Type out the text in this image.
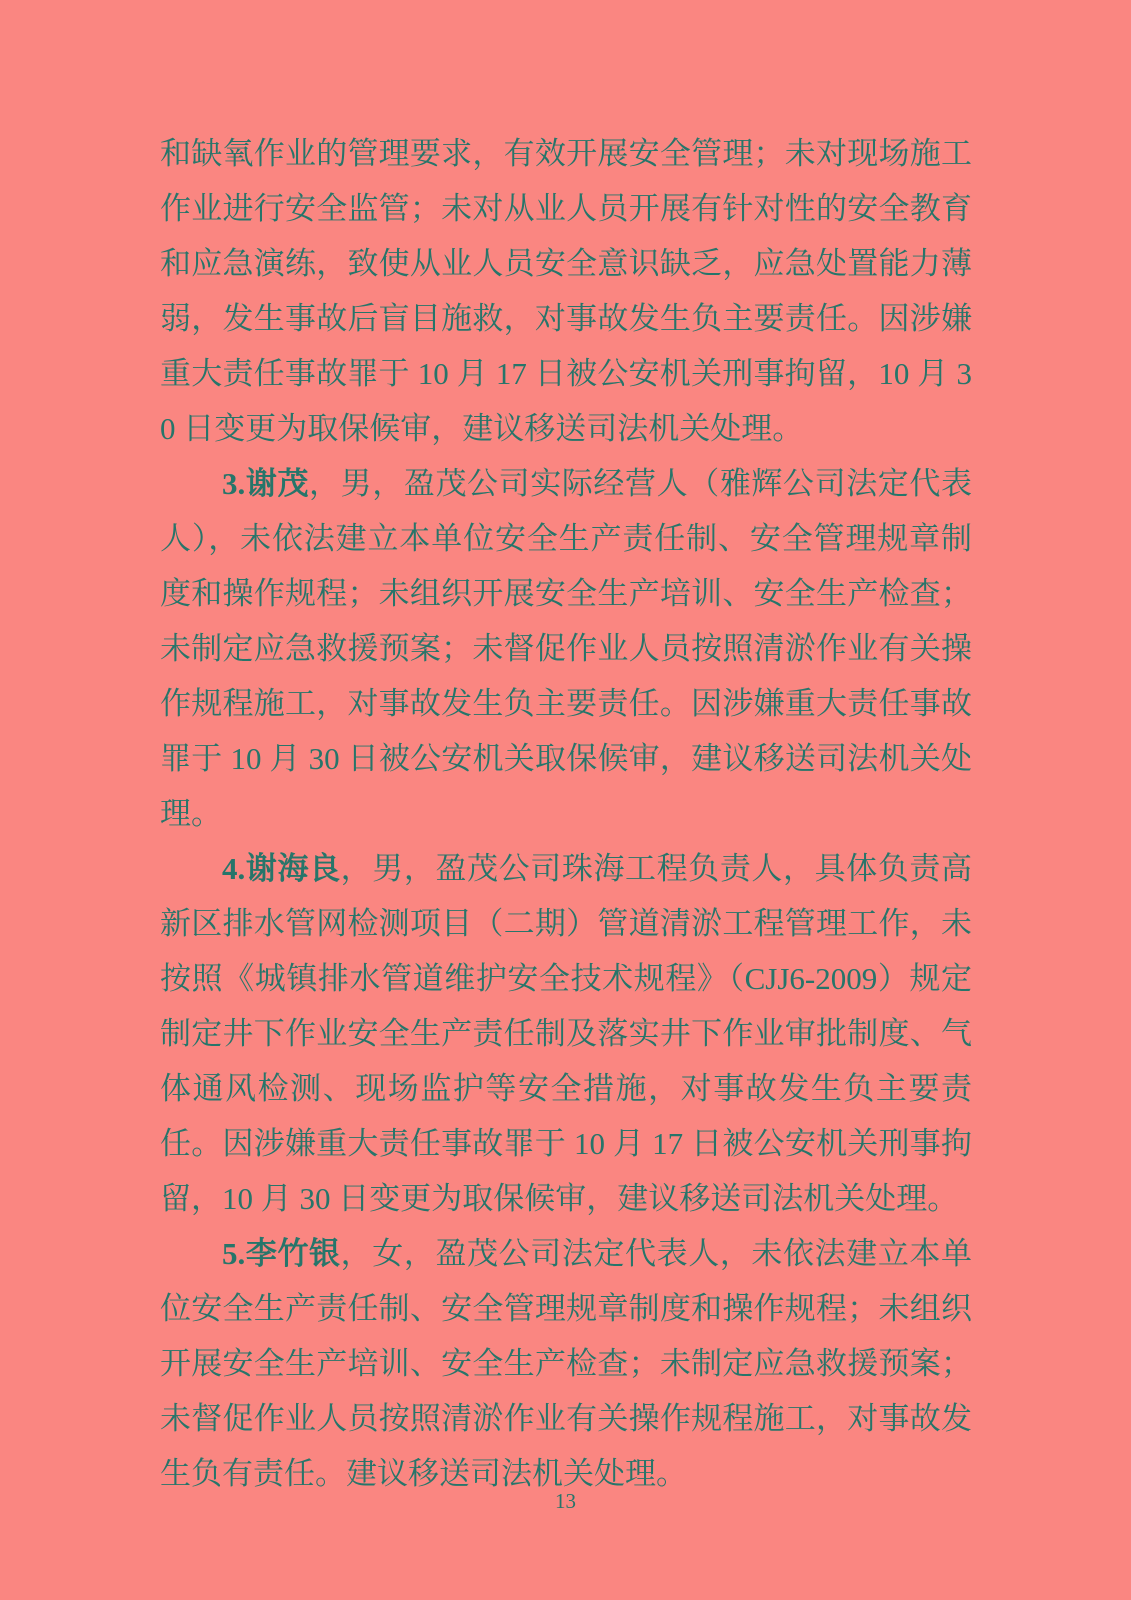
和缺氧作业的管理要求，有效开展安全管理；未对现场施工作业进行安全监管；未对从业人员开展有针对性的安全教育和应急演练，致使从业人员安全意识缺乏，应急处置能力薄弱，发生事故后盲目施救，对事故发生负主要责任。因涉嫌重大责任事故罪于 10 月 17 日被公安机关刑事拘留，10 月 30 日变更为取保候审，建议移送司法机关处理。

3.谢茂，男，盈茂公司实际经营人（雅辉公司法定代表人），未依法建立本单位安全生产责任制、安全管理规章制度和操作规程；未组织开展安全生产培训、安全生产检查；未制定应急救援预案；未督促作业人员按照清淤作业有关操作规程施工，对事故发生负主要责任。因涉嫌重大责任事故罪于 10 月 30 日被公安机关取保候审，建议移送司法机关处理。

4.谢海良，男，盈茂公司珠海工程负责人，具体负责高新区排水管网检测项目（二期）管道清淤工程管理工作，未按照《城镇排水管道维护安全技术规程》（CJJ6-2009）规定制定井下作业安全生产责任制及落实井下作业审批制度、气体通风检测、现场监护等安全措施，对事故发生负主要责任。因涉嫌重大责任事故罪于 10 月 17 日被公安机关刑事拘留，10 月 30 日变更为取保候审，建议移送司法机关处理。

5.李竹银，女，盈茂公司法定代表人，未依法建立本单位安全生产责任制、安全管理规章制度和操作规程；未组织开展安全生产培训、安全生产检查；未制定应急救援预案；未督促作业人员按照清淤作业有关操作规程施工，对事故发生负有责任。建议移送司法机关处理。

13
